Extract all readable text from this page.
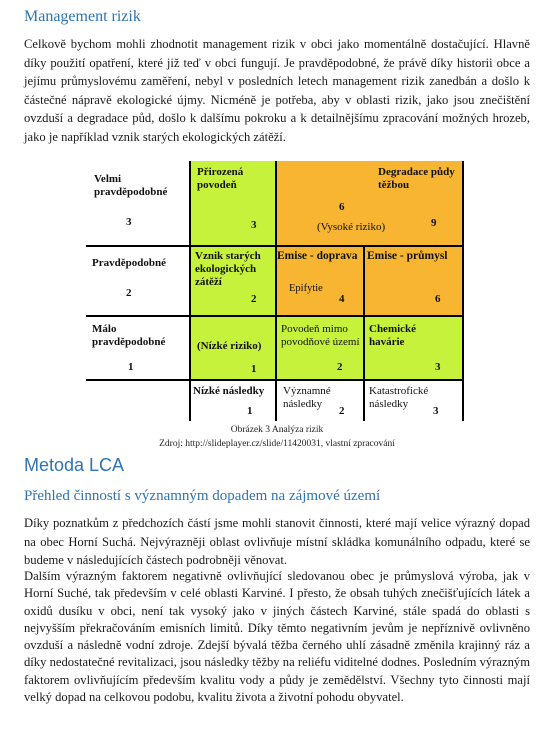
Management rizik

Celkově bychom mohli zhodnotit management rizik v obci jako momentálně dostačující. Hlavně díky použití opatření, které již teď v obci fungují. Je pravděpodobné, že právě díky historii obce a jejímu průmyslovému zaměření, nebyl v posledních letech management rizik zanedbán a došlo k částečné nápravě ekologické újmy. Nicméně je potřeba, aby v oblasti rizik, jako jsou znečištění ovzduší a degradace půd, došlo k dalšímu pokroku a k detailnějšímu zpracování možných hrozeb, jako je například vznik starých ekologických zátěží.

Velmi pravděpodobné
3
Pravděpodobné
2
Málo pravděpodobné
1
Přirozená povodeň
3
6
Degradace půdy těžbou
9
(Vysoké riziko)
Vznik starých ekologických zátěží
2
Emise - doprava
Epifytie
4
Emise - průmysl
6
(Nízké riziko)
1
Povodeň mimo povodňové území
2
Chemické havárie
3
Nízké následky
1
Významné následky
2
Katastrofické následky
3
Obrázek 3 Analýza rizik
Zdroj: http://slideplayer.cz/slide/11420031, vlastní zpracování
Metoda LCA
Přehled činností s významným dopadem na zájmové území

Díky poznatkům z předchozích částí jsme mohli stanovit činnosti, které mají velice výrazný dopad na obec Horní Suchá. Nejvýrazněji oblast ovlivňuje místní skládka komunálního odpadu, které se budeme v následujících částech podrobněji věnovat.

Dalším výrazným faktorem negativně ovlivňující sledovanou obec je průmyslová výroba, jak v Horní Suché, tak především v celé oblasti Karviné. I přesto, že obsah tuhých znečišťujících látek a oxidů dusíku v obci, není tak vysoký jako v jiných částech Karviné, stále spadá do oblasti s nejvyšším překračováním emisních limitů. Díky těmto negativním jevům je nepříznivě ovlivněno ovzduší a následně vodní zdroje. Zdejší bývalá těžba černého uhlí zásadně změnila krajinný ráz a díky nedostatečné revitalizaci, jsou následky těžby na reliéfu viditelné dodnes. Posledním výrazným faktorem ovlivňujícím především kvalitu vody a půdy je zemědělství. Všechny tyto činnosti mají velký dopad na celkovou podobu, kvalitu života a životní pohodu obyvatel.
